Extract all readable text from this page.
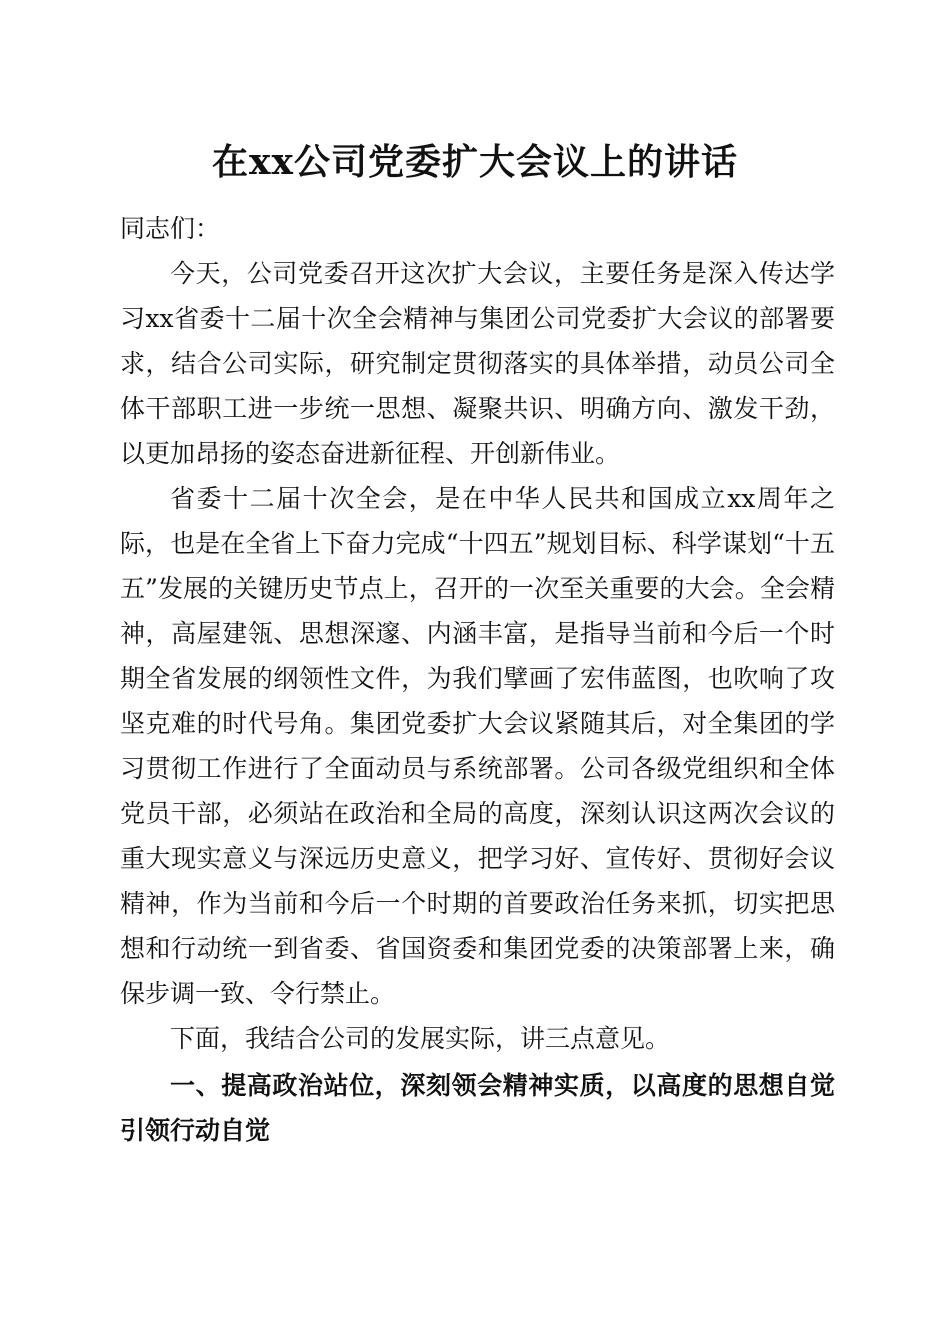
在xx公司党委扩大会议上的讲话

同志们：

今天，公司党委召开这次扩大会议，主要任务是深入传达学习xx省委十二届十次全会精神与集团公司党委扩大会议的部署要求，结合公司实际，研究制定贯彻落实的具体举措，动员公司全体干部职工进一步统一思想、凝聚共识、明确方向、激发干劲，以更加昂扬的姿态奋进新征程、开创新伟业。

省委十二届十次全会，是在中华人民共和国成立xx周年之际，也是在全省上下奋力完成“十四五”规划目标、科学谋划“十五五”发展的关键历史节点上，召开的一次至关重要的大会。全会精神，高屋建瓴、思想深邃、内涵丰富，是指导当前和今后一个时期全省发展的纲领性文件，为我们擘画了宏伟蓝图，也吹响了攻坚克难的时代号角。集团党委扩大会议紧随其后，对全集团的学习贯彻工作进行了全面动员与系统部署。公司各级党组织和全体党员干部，必须站在政治和全局的高度，深刻认识这两次会议的重大现实意义与深远历史意义，把学习好、宣传好、贯彻好会议精神，作为当前和今后一个时期的首要政治任务来抓，切实把思想和行动统一到省委、省国资委和集团党委的决策部署上来，确保步调一致、令行禁止。

下面，我结合公司的发展实际，讲三点意见。

一、提高政治站位，深刻领会精神实质，以高度的思想自觉引领行动自觉
